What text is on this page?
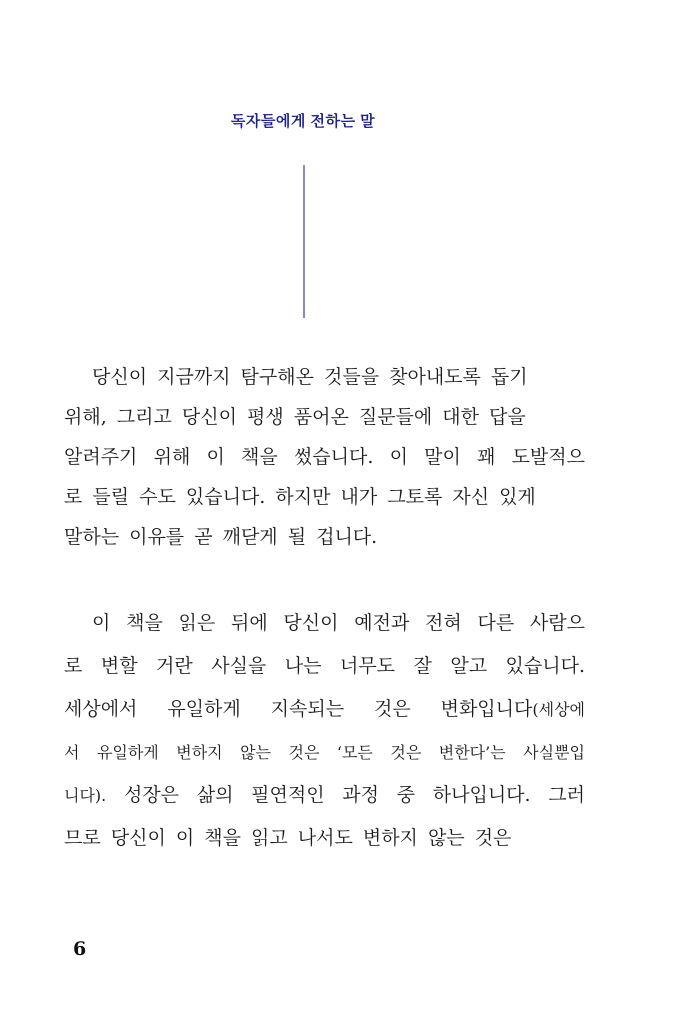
독자들에게 전하는 말
당신이 지금까지 탐구해온 것들을 찾아내도록 돕기
위해, 그리고 당신이 평생 품어온 질문들에 대한 답을
알려주기 위해 이 책을 썼습니다. 이 말이 꽤 도발적으
로 들릴 수도 있습니다. 하지만 내가 그토록 자신 있게
말하는 이유를 곧 깨닫게 될 겁니다.
이 책을 읽은 뒤에 당신이 예전과 전혀 다른 사람으
로 변할 거란 사실을 나는 너무도 잘 알고 있습니다.
세상에서 유일하게 지속되는 것은 변화입니다(세상에
서 유일하게 변하지 않는 것은 ‘모든 것은 변한다’는 사실뿐입
니다). 성장은 삶의 필연적인 과정 중 하나입니다. 그러
므로 당신이 이 책을 읽고 나서도 변하지 않는 것은
6
